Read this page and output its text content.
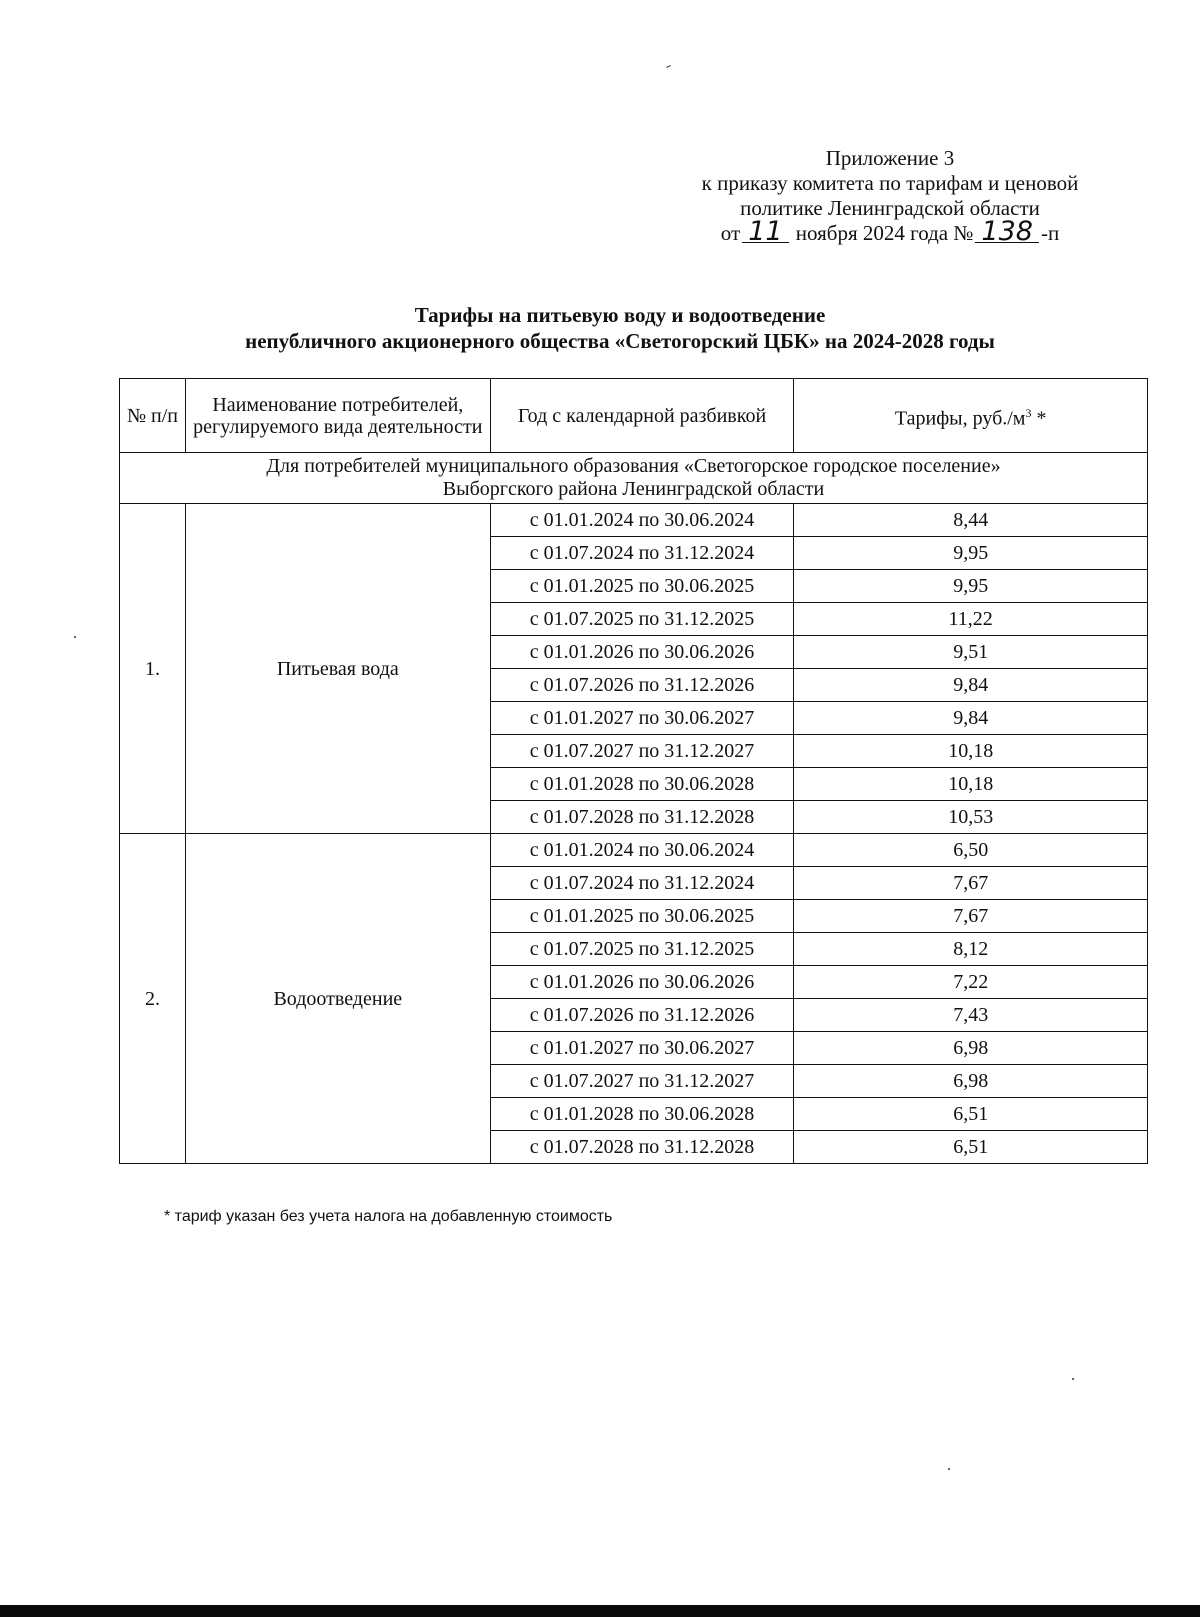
Приложение 3
к приказу комитета по тарифам и ценовой
политике Ленинградской области
от 11 ноября 2024 года № 138 -п
Тарифы на питьевую воду и водоотведение
непубличного акционерного общества «Светогорский ЦБК» на 2024-2028 годы
№ п/п	Наименование потребителей, регулируемого вида деятельности	Год с календарной разбивкой	Тарифы, $руб./м^3$ *
Для потребителей муниципального образования «Светогорское городское поселение»
Выборгского района Ленинградской области			
1.	Питьевая вода	с 01.01.2024 по 30.06.2024	8,44
		с 01.07.2024 по 31.12.2024	9,95
		с 01.01.2025 по 30.06.2025	9,95
		с 01.07.2025 по 31.12.2025	11,22
		с 01.01.2026 по 30.06.2026	9,51
		с 01.07.2026 по 31.12.2026	9,84
		с 01.01.2027 по 30.06.2027	9,84
		с 01.07.2027 по 31.12.2027	10,18
		с 01.01.2028 по 30.06.2028	10,18
		с 01.07.2028 по 31.12.2028	10,53
2.	Водоотведение	с 01.01.2024 по 30.06.2024	6,50
		с 01.07.2024 по 31.12.2024	7,67
		с 01.01.2025 по 30.06.2025	7,67
		с 01.07.2025 по 31.12.2025	8,12
		с 01.01.2026 по 30.06.2026	7,22
		с 01.07.2026 по 31.12.2026	7,43
		с 01.01.2027 по 30.06.2027	6,98
		с 01.07.2027 по 31.12.2027	6,98
		с 01.01.2028 по 30.06.2028	6,51
		с 01.07.2028 по 31.12.2028	6,51
* тариф указан без учета налога на добавленную стоимость
